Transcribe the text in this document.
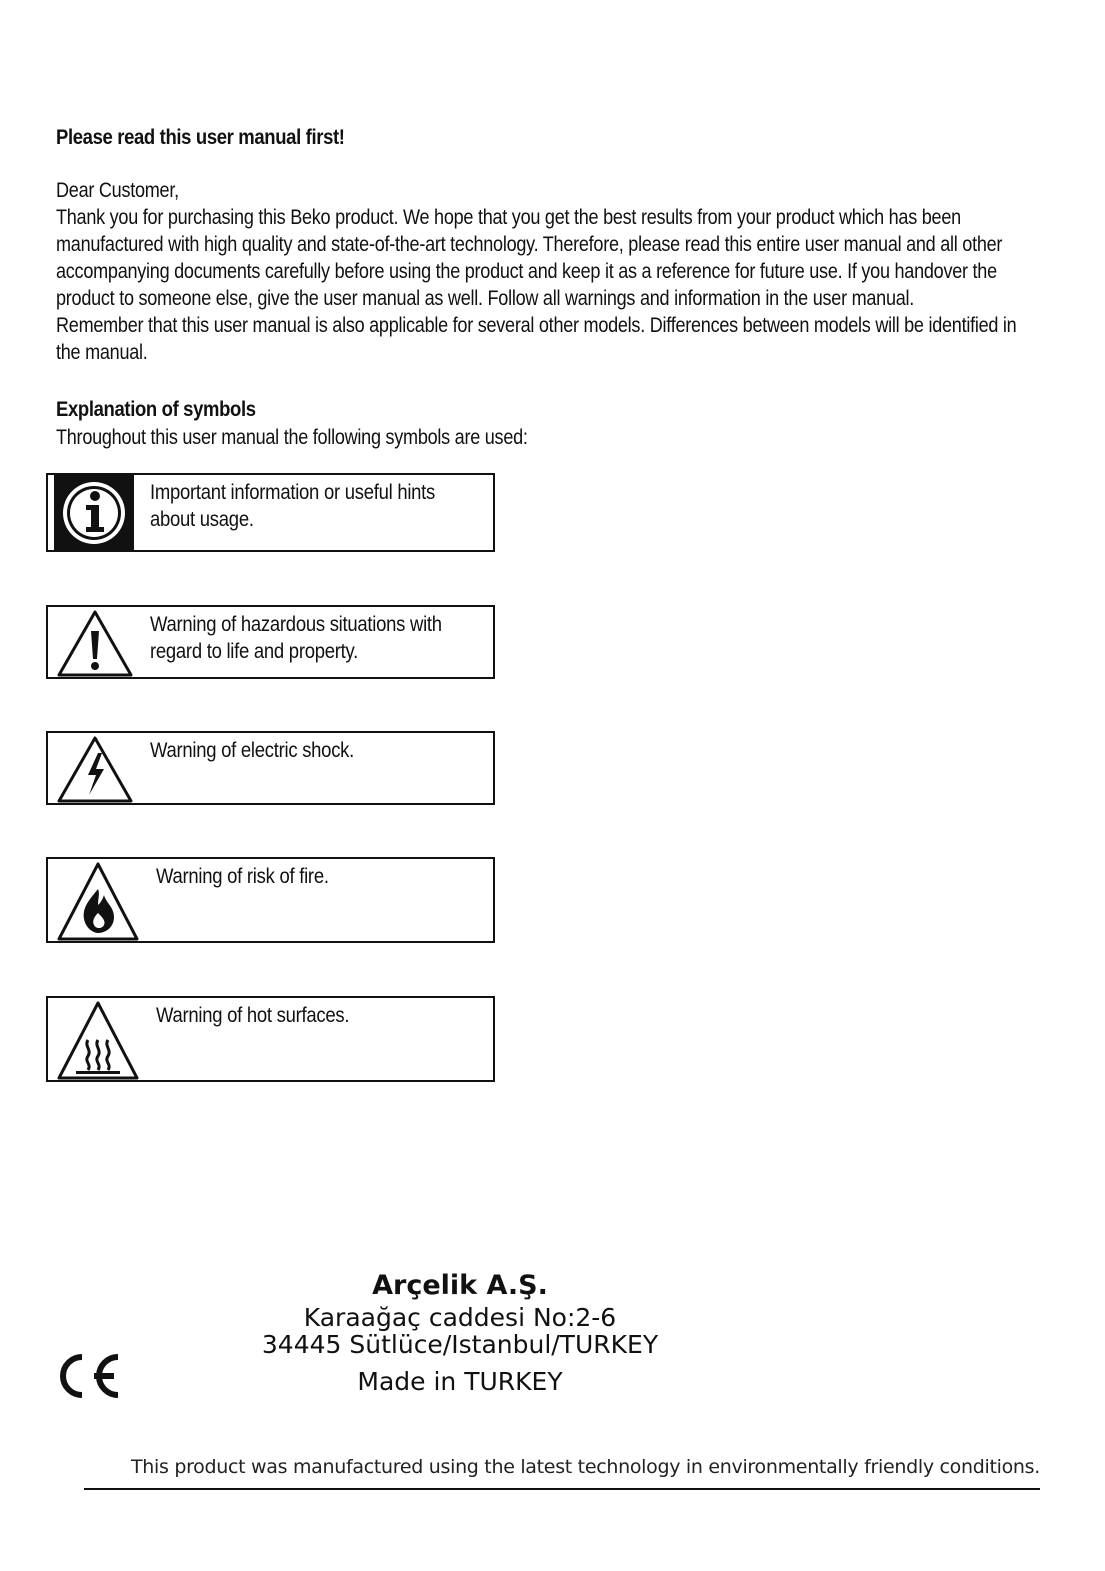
Please read this user manual first!

Dear Customer,

Thank you for purchasing this Beko product. We hope that you get the best results from your product which has been manufactured with high quality and state-of-the-art technology. Therefore, please read this entire user manual and all other accompanying documents carefully before using the product and keep it as a reference for future use. If you handover the product to someone else, give the user manual as well. Follow all warnings and information in the user manual.

Remember that this user manual is also applicable for several other models. Differences between models will be identified in the manual.

Explanation of symbols
Throughout this user manual the following symbols are used:
Important information or useful hints about usage.
Warning of hazardous situations with regard to life and property.
Warning of electric shock.
Warning of risk of fire.
Warning of hot surfaces.
Arçelik A.Ş.
Karaağaç caddesi No:2-6
34445 Sütlüce/Istanbul/TURKEY
Made in TURKEY
This product was manufactured using the latest technology in environmentally friendly conditions.
